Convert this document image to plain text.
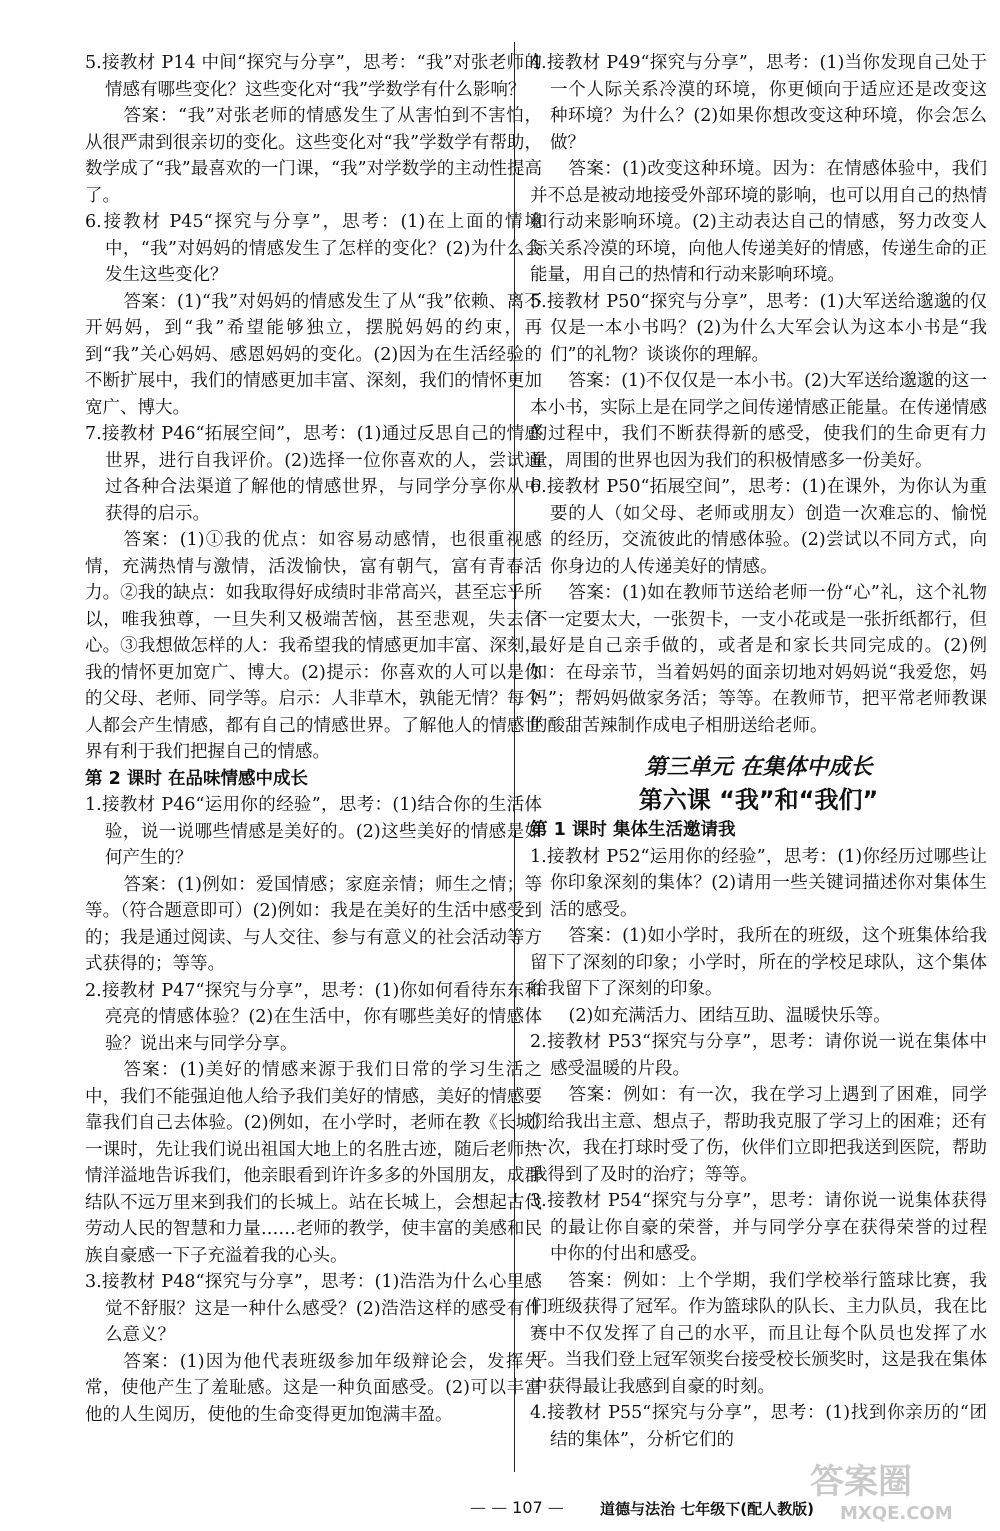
5.接教材 P14 中间“探究与分享”，思考：“我”对张老师的情感有哪些变化？这些变化对“我”学数学有什么影响？

答案：“我”对张老师的情感发生了从害怕到不害怕，从很严肃到很亲切的变化。这些变化对“我”学数学有帮助，数学成了“我”最喜欢的一门课，“我”对学数学的主动性提高了。

6.接教材 P45“探究与分享”，思考：(1)在上面的情境中，“我”对妈妈的情感发生了怎样的变化？(2)为什么会发生这些变化？

答案：(1)“我”对妈妈的情感发生了从“我”依赖、离不开妈妈，到“我”希望能够独立，摆脱妈妈的约束，再到“我”关心妈妈、感恩妈妈的变化。(2)因为在生活经验的不断扩展中，我们的情感更加丰富、深刻，我们的情怀更加宽广、博大。

7.接教材 P46“拓展空间”，思考：(1)通过反思自己的情感世界，进行自我评价。(2)选择一位你喜欢的人，尝试通过各种合法渠道了解他的情感世界，与同学分享你从中获得的启示。

答案：(1)①我的优点：如容易动感情，也很重视感情，充满热情与激情，活泼愉快，富有朝气，富有青春活力。②我的缺点：如我取得好成绩时非常高兴，甚至忘乎所以，唯我独尊，一旦失利又极端苦恼，甚至悲观，失去信心。③我想做怎样的人：我希望我的情感更加丰富、深刻，我的情怀更加宽广、博大。(2)提示：你喜欢的人可以是你的父母、老师、同学等。启示：人非草木，孰能无情？每个人都会产生情感，都有自己的情感世界。了解他人的情感世界有利于我们把握自己的情感。

第 2 课时 在品味情感中成长

1.接教材 P46“运用你的经验”，思考：(1)结合你的生活体验，说一说哪些情感是美好的。(2)这些美好的情感是如何产生的？

答案：(1)例如：爱国情感；家庭亲情；师生之情；等等。（符合题意即可）(2)例如：我是在美好的生活中感受到的；我是通过阅读、与人交往、参与有意义的社会活动等方式获得的；等等。

2.接教材 P47“探究与分享”，思考：(1)你如何看待东东和亮亮的情感体验？(2)在生活中，你有哪些美好的情感体验？说出来与同学分享。

答案：(1)美好的情感来源于我们日常的学习生活之中，我们不能强迫他人给予我们美好的情感，美好的情感要靠我们自己去体验。(2)例如，在小学时，老师在教《长城》一课时，先让我们说出祖国大地上的名胜古迹，随后老师热情洋溢地告诉我们，他亲眼看到许许多多的外国朋友，成群结队不远万里来到我们的长城上。站在长城上，会想起古代劳动人民的智慧和力量……老师的教学，使丰富的美感和民族自豪感一下子充溢着我的心头。

3.接教材 P48“探究与分享”，思考：(1)浩浩为什么心里感觉不舒服？这是一种什么感受？(2)浩浩这样的感受有什么意义？

答案：(1)因为他代表班级参加年级辩论会，发挥失常，使他产生了羞耻感。这是一种负面感受。(2)可以丰富他的人生阅历，使他的生命变得更加饱满丰盈。

4.接教材 P49“探究与分享”，思考：(1)当你发现自己处于一个人际关系冷漠的环境，你更倾向于适应还是改变这种环境？为什么？(2)如果你想改变这种环境，你会怎么做？

答案：(1)改变这种环境。因为：在情感体验中，我们并不总是被动地接受外部环境的影响，也可以用自己的热情和行动来影响环境。(2)主动表达自己的情感，努力改变人际关系冷漠的环境，向他人传递美好的情感，传递生命的正能量，用自己的热情和行动来影响环境。

5.接教材 P50“探究与分享”，思考：(1)大军送给邈邈的仅仅是一本小书吗？(2)为什么大军会认为这本小书是“我们”的礼物？谈谈你的理解。

答案：(1)不仅仅是一本小书。(2)大军送给邈邈的这一本小书，实际上是在同学之间传递情感正能量。在传递情感的过程中，我们不断获得新的感受，使我们的生命更有力量，周围的世界也因为我们的积极情感多一份美好。

6.接教材 P50“拓展空间”，思考：(1)在课外，为你认为重要的人（如父母、老师或朋友）创造一次难忘的、愉悦的经历，交流彼此的情感体验。(2)尝试以不同方式，向你身边的人传递美好的情感。

答案：(1)如在教师节送给老师一份“心”礼，这个礼物不一定要太大，一张贺卡，一支小花或是一张折纸都行，但最好是自己亲手做的，或者是和家长共同完成的。(2)例如：在母亲节，当着妈妈的面亲切地对妈妈说“我爱您，妈妈”；帮妈妈做家务活；等等。在教师节，把平常老师教课的酸甜苦辣制作成电子相册送给老师。

第三单元 在集体中成长
第六课 “我”和“我们”

第 1 课时 集体生活邀请我

1.接教材 P52“运用你的经验”，思考：(1)你经历过哪些让你印象深刻的集体？(2)请用一些关键词描述你对集体生活的感受。

答案：(1)如小学时，我所在的班级，这个班集体给我留下了深刻的印象；小学时，所在的学校足球队，这个集体给我留下了深刻的印象。

(2)如充满活力、团结互助、温暖快乐等。

2.接教材 P53“探究与分享”，思考：请你说一说在集体中感受温暖的片段。

答案：例如：有一次，我在学习上遇到了困难，同学们给我出主意、想点子，帮助我克服了学习上的困难；还有一次，我在打球时受了伤，伙伴们立即把我送到医院，帮助我得到了及时的治疗；等等。

3.接教材 P54“探究与分享”，思考：请你说一说集体获得的最让你自豪的荣誉，并与同学分享在获得荣誉的过程中你的付出和感受。

答案：例如：上个学期，我们学校举行篮球比赛，我们班级获得了冠军。作为篮球队的队长、主力队员，我在比赛中不仅发挥了自己的水平，而且让每个队员也发挥了水平。当我们登上冠军领奖台接受校长颁奖时，这是我在集体中获得最让我感到自豪的时刻。

4.接教材 P55“探究与分享”，思考：(1)找到你亲历的“团结的集体”，分析它们的

— — 107 —	道德与法治 七年级下(配人教版)
答案圈
MXQE.COM
